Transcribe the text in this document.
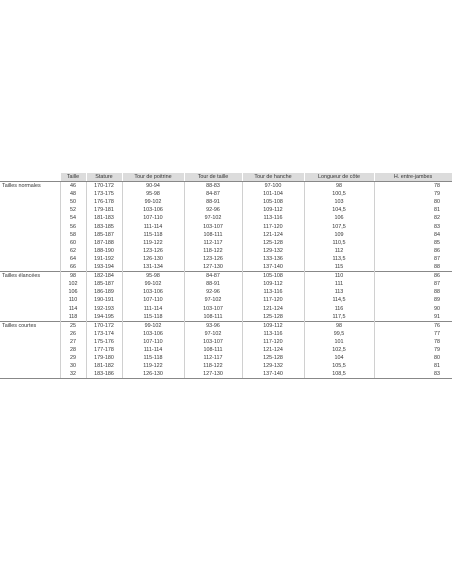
	Taille	Stature	Tour de poitrine	Tour de taille	Tour de hanche	Longueur de côte	H. entre-jambes
Tailles normales	46	170-172	90-94	88-83	97-100	98	78
	48	173-175	95-98	84-87	101-104	100,5	79
	50	176-178	99-102	88-91	105-108	103	80
	52	179-181	103-106	92-96	109-112	104,5	81
	54	181-183	107-110	97-102	113-116	106	82
	56	183-185	111-114	103-107	117-120	107,5	83
	58	185-187	115-118	108-111	121-124	109	84
	60	187-188	119-122	112-117	125-128	110,5	85
	62	188-190	123-126	118-122	129-132	112	86
	64	191-192	126-130	123-126	133-136	113,5	87
	66	193-194	131-134	127-130	137-140	115	88
Tailles élancées	98	182-184	95-98	84-87	105-108	110	86
	102	185-187	99-102	88-91	109-112	111	87
	106	186-189	103-106	92-96	113-116	113	88
	110	190-191	107-110	97-102	117-120	114,5	89
	114	192-193	111-114	103-107	121-124	116	90
	118	194-195	115-118	108-111	125-128	117,5	91
Tailles courtes	25	170-172	99-102	93-96	109-112	98	76
	26	173-174	103-106	97-102	113-116	99,5	77
	27	175-176	107-110	103-107	117-120	101	78
	28	177-178	111-114	108-111	121-124	102,5	79
	29	179-180	115-118	112-117	125-128	104	80
	30	181-182	119-122	118-122	129-132	105,5	81
	32	183-186	126-130	127-130	137-140	108,5	83
